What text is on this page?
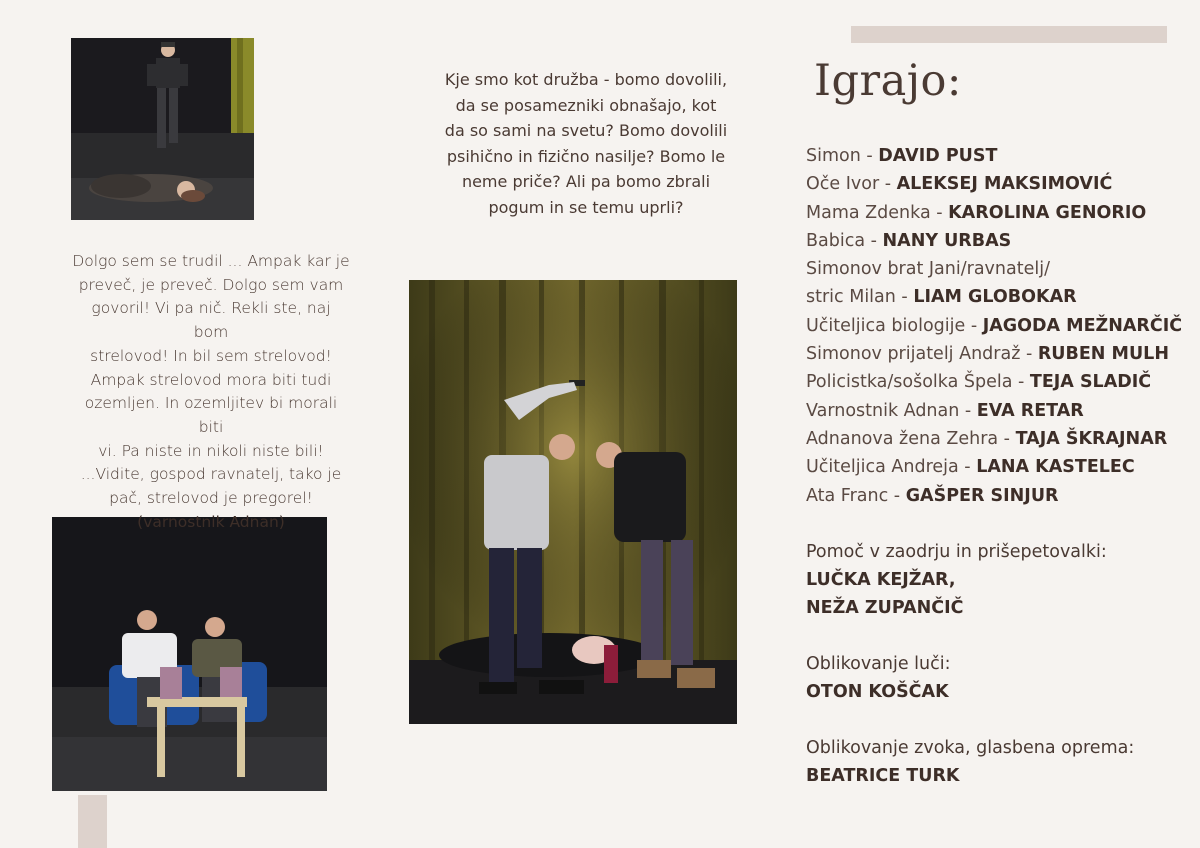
Dolgo sem se trudil ... Ampak kar je
preveč, je preveč. Dolgo sem vam
govoril! Vi pa nič. Rekli ste, naj bom
strelovod! In bil sem strelovod!
Ampak strelovod mora biti tudi
ozemljen. In ozemljitev bi morali biti
vi. Pa niste in nikoli niste bili!
...Vidite, gospod ravnatelj, tako je
pač, strelovod je pregorel!
(varnostnik Adnan)
Kje smo kot družba - bomo dovolili,
da se posamezniki obnašajo, kot
da so sami na svetu? Bomo dovolili
psihično in fizično nasilje? Bomo le
neme priče? Ali pa bomo zbrali
pogum in se temu uprli?
Igrajo:
Simon - DAVID PUST
Oče Ivor - ALEKSEJ MAKSIMOVIĆ
Mama Zdenka - KAROLINA GENORIO
Babica - NANY URBAS
Simonov brat Jani/ravnatelj/
stric Milan - LIAM GLOBOKAR
Učiteljica biologije - JAGODA MEŽNARČIČ
Simonov prijatelj Andraž - RUBEN MULH
Policistka/sošolka Špela - TEJA SLADIČ
Varnostnik Adnan - EVA RETAR
Adnanova žena Zehra - TAJA ŠKRAJNAR
Učiteljica Andreja - LANA KASTELEC
Ata Franc - GAŠPER SINJUR
Pomoč v zaodrju in prišepetovalki:
LUČKA KEJŽAR,
NEŽA ZUPANČIČ
Oblikovanje luči:
OTON KOŠČAK
Oblikovanje zvoka, glasbena oprema:
BEATRICE TURK
